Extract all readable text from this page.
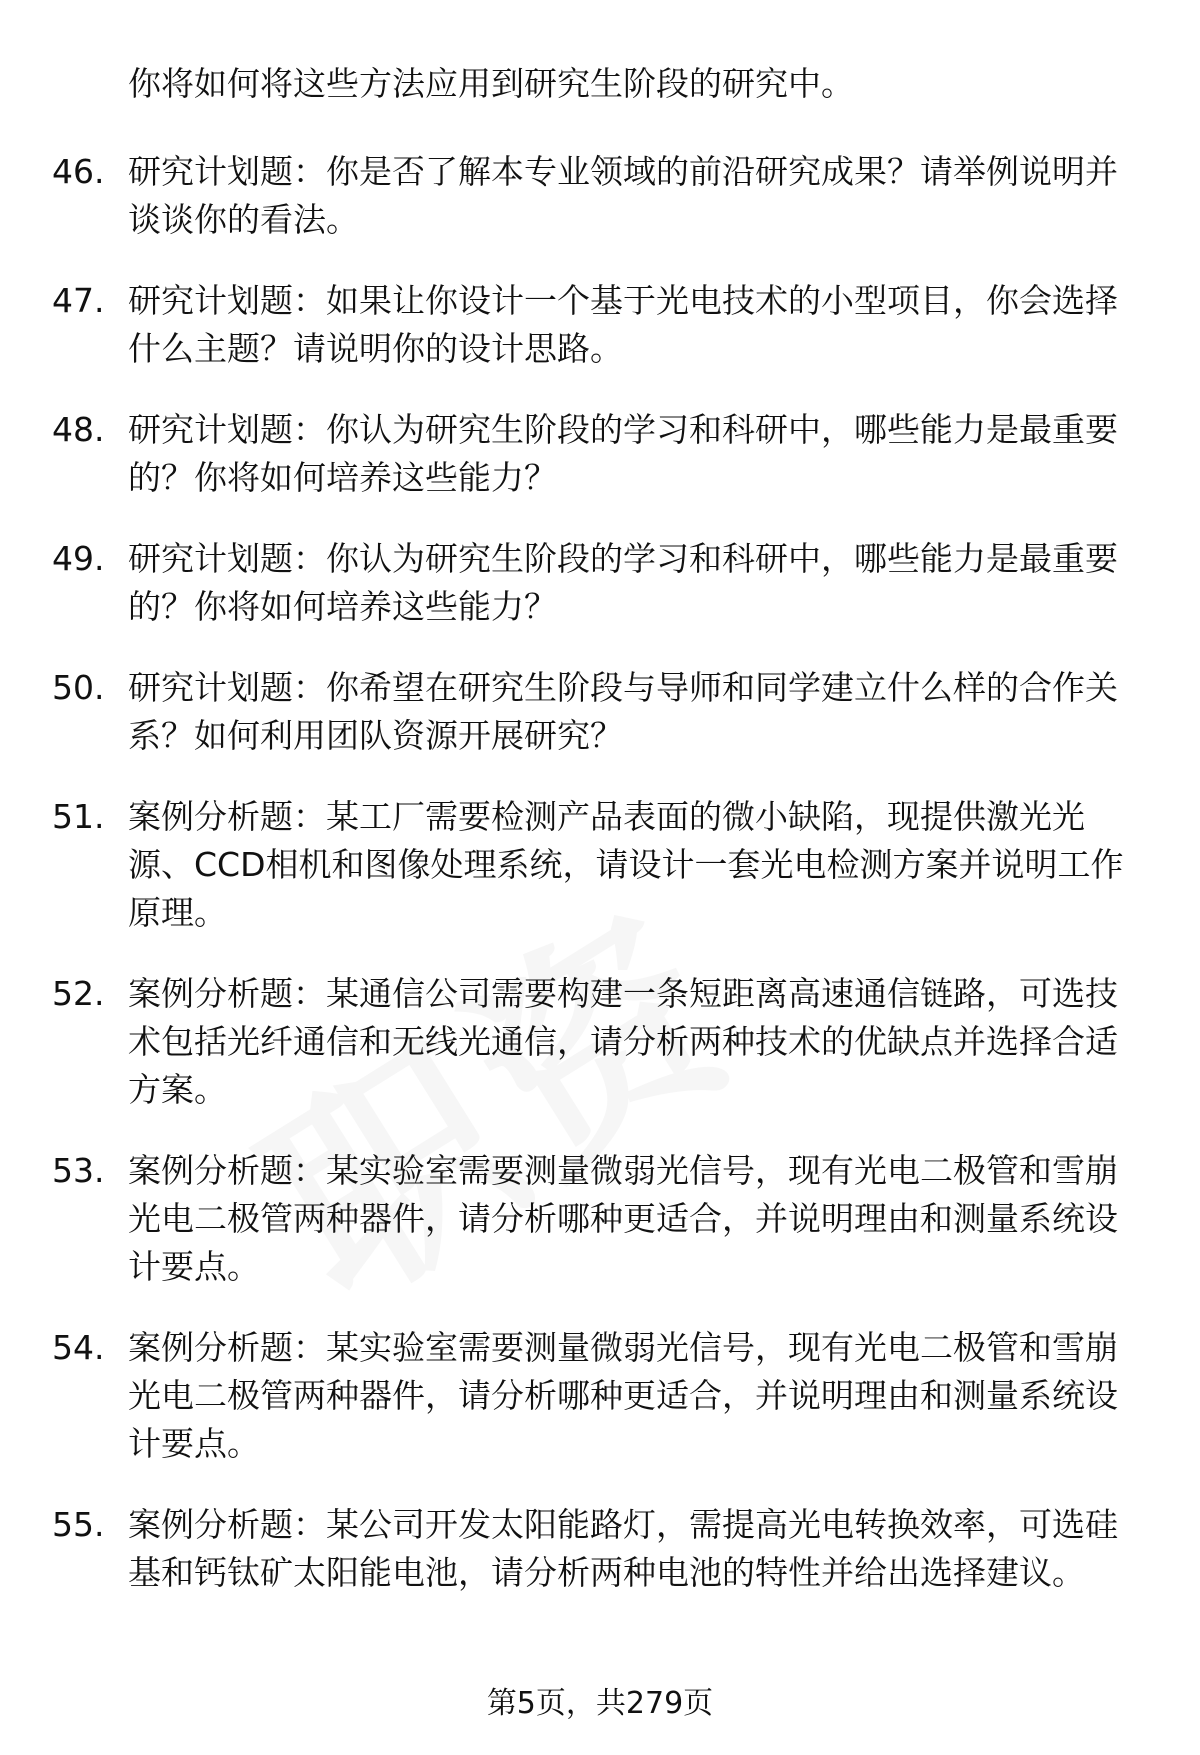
你将如何将这些方法应用到研究生阶段的研究中。

46. 研究计划题：你是否了解本专业领域的前沿研究成果？请举例说明并谈谈你的看法。
47. 研究计划题：如果让你设计一个基于光电技术的小型项目，你会选择什么主题？请说明你的设计思路。
48. 研究计划题：你认为研究生阶段的学习和科研中，哪些能力是最重要的？你将如何培养这些能力？
49. 研究计划题：你认为研究生阶段的学习和科研中，哪些能力是最重要的？你将如何培养这些能力？
50. 研究计划题：你希望在研究生阶段与导师和同学建立什么样的合作关系？如何利用团队资源开展研究？
51. 案例分析题：某工厂需要检测产品表面的微小缺陷，现提供激光光源、CCD相机和图像处理系统，请设计一套光电检测方案并说明工作原理。
52. 案例分析题：某通信公司需要构建一条短距离高速通信链路，可选技术包括光纤通信和无线光通信，请分析两种技术的优缺点并选择合适方案。
53. 案例分析题：某实验室需要测量微弱光信号，现有光电二极管和雪崩光电二极管两种器件，请分析哪种更适合，并说明理由和测量系统设计要点。
54. 案例分析题：某实验室需要测量微弱光信号，现有光电二极管和雪崩光电二极管两种器件，请分析哪种更适合，并说明理由和测量系统设计要点。
55. 案例分析题：某公司开发太阳能路灯，需提高光电转换效率，可选硅基和钙钛矿太阳能电池，请分析两种电池的特性并给出选择建议。
第5页，共279页
